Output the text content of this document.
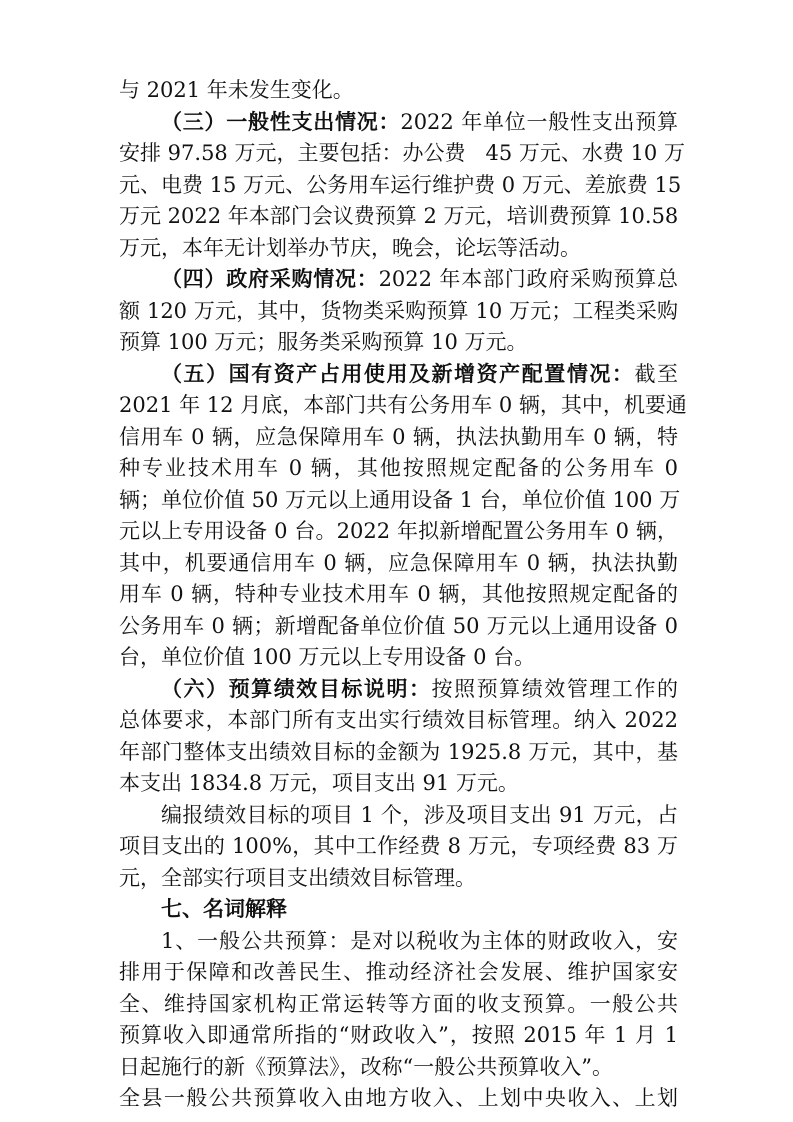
与 2021 年未发生变化。
（三）一般性支出情况：2022 年单位一般性支出预算
安排 97.58 万元，主要包括：办公费   45 万元、水费 10 万
元、电费 15 万元、公务用车运行维护费 0 万元、差旅费 15
万元 2022 年本部门会议费预算 2 万元，培训费预算 10.58
万元，本年无计划举办节庆，晚会，论坛等活动。
（四）政府采购情况：2022 年本部门政府采购预算总
额 120 万元，其中，货物类采购预算 10 万元；工程类采购
预算 100 万元；服务类采购预算 10 万元。
（五）国有资产占用使用及新增资产配置情况：截至
2021 年 12 月底，本部门共有公务用车 0 辆，其中，机要通
信用车 0 辆，应急保障用车 0 辆，执法执勤用车 0 辆，特
种专业技术用车 0 辆，其他按照规定配备的公务用车 0
辆；单位价值 50 万元以上通用设备 1 台，单位价值 100 万
元以上专用设备 0 台。2022 年拟新增配置公务用车 0 辆，
其中，机要通信用车 0 辆，应急保障用车 0 辆，执法执勤
用车 0 辆，特种专业技术用车 0 辆，其他按照规定配备的
公务用车 0 辆；新增配备单位价值 50 万元以上通用设备 0
台，单位价值 100 万元以上专用设备 0 台。
（六）预算绩效目标说明：按照预算绩效管理工作的
总体要求，本部门所有支出实行绩效目标管理。纳入 2022
年部门整体支出绩效目标的金额为 1925.8 万元，其中，基
本支出 1834.8 万元，项目支出 91 万元。
编报绩效目标的项目 1 个，涉及项目支出 91 万元，占
项目支出的 100%，其中工作经费 8 万元，专项经费 83 万
元，全部实行项目支出绩效目标管理。
七、名词解释
1、一般公共预算：是对以税收为主体的财政收入，安
排用于保障和改善民生、推动经济社会发展、维护国家安
全、维持国家机构正常运转等方面的收支预算。一般公共
预算收入即通常所指的“财政收入”，按照 2015 年 1 月 1
日起施行的新《预算法》，改称“一般公共预算收入”。
全县一般公共预算收入由地方收入、上划中央收入、上划
